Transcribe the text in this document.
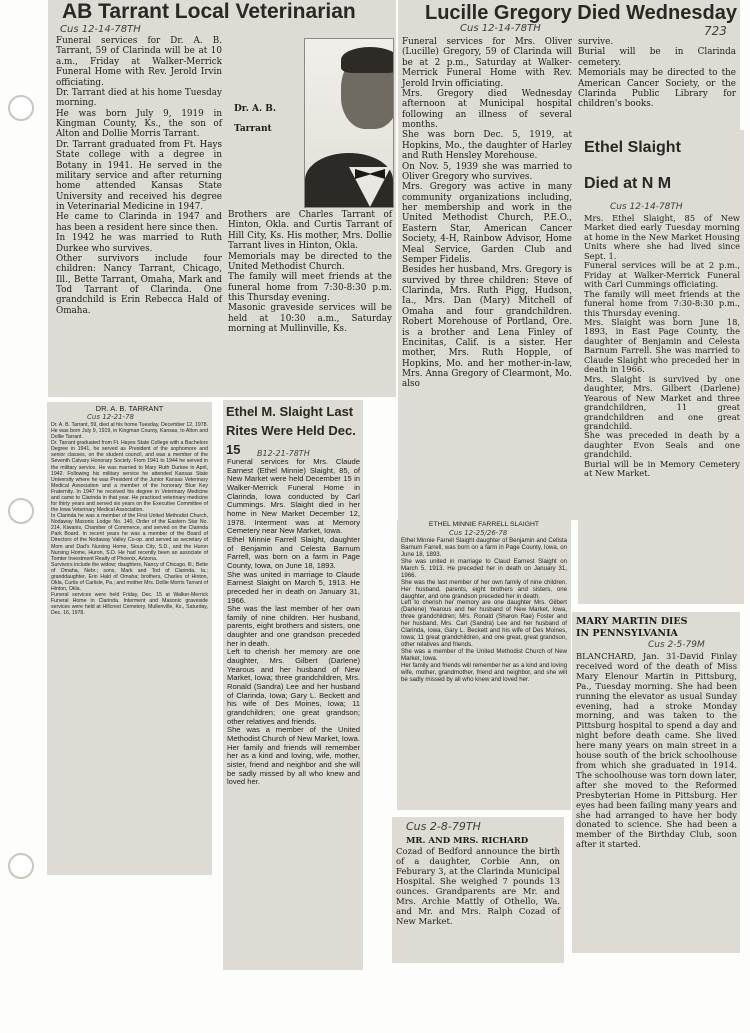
AB Tarrant Local Veterinarian
Cus 12-14-78TH

Funeral services for Dr. A. B. Tarrant, 59 of Clarinda will be at 10 a.m., Friday at Walker-Merrick Funeral Home with Rev. Jerold Irvin officiating.
Dr. Tarrant died at his home Tuesday morning.
He was born July 9, 1919 in Kingman County, Ks., the son of Alton and Dollie Morris Tarrant.
Dr. Tarrant graduated from Ft. Hays State college with a degree in Botany in 1941. He served in the military service and after returning home attended Kansas State University and received his degree in Veterinarial Medicine in 1947.
He came to Clarinda in 1947 and has been a resident here since then.
In 1942 he was married to Ruth Durkee who survives.
Other survivors include four children: Nancy Tarrant, Chicago, Ill., Bette Tarrant, Omaha, Mark and Tod Tarrant of Clarinda. One grandchild is Erin Rebecca Hald of Omaha.

Dr. A. B.
Tarrant

Brothers are Charles Tarrant of Hinton, Okla. and Curtis Tarrant of Hill City, Ks. His mother, Mrs. Dollie Tarrant lives in Hinton, Okla.
Memorials may be directed to the United Methodist Church.
The family will meet friends at the funeral home from 7:30-8:30 p.m. this Thursday evening.
Masonic graveside services will be held at 10:30 a.m., Saturday morning at Mullinville, Ks.

DR. A. B. TARRANT
Cus 12-21-78

Dr. A. B. Tarrant, 59, died at his home Tuesday, December 12, 1978. He was born July 9, 1919, in Kingman County, Kansas, to Alton and Dollie Tarrant.
Dr. Tarrant graduated from Ft. Hayes State College with a Bachelors Degree in 1941, he served as President of the sophomore and senior classes, on the student council, and was a member of the Seventh Calvary Honorary Society. From 1941 to 1944 he served in the military service. He was married to Mary Ruth Durkee in April, 1942. Following his military service he attended Kansas State University where he was President of the Junior Kansas Veterinary Medical Association and a member of the honorary Blue Key Fraternity. In 1947 he received his degree in Veterinary Medicine and came to Clarinda in that year. He practiced veterinary medicine for thirty years and served six years on the Executive Committee of the Iowa Veterinary Medical Association.
In Clarinda he was a member of the First United Methodist Church, Nodaway Masonic Lodge No. 140, Order of the Eastern Star No. 214, Kiwanis, Chamber of Commerce, and served on the Clarinda Park Board. In recent years he was a member of the Board of Directors of the Nodaway Valley Co-op. and served as secretary of Mom and Dad's Nursing Home, Sioux City, S.D., and the Huron Nursing Home, Huron, S.D. He had recently been an associate of Tomter Investment Realty of Phoenix, Arizona.
Survivors include the widow; daughters, Nancy of Chicago, Ill.; Bette of Omaha, Nebr.; sons, Mark and Tod of Clarinda, Ia.; granddaughter, Erin Hald of Omaha; brothers, Charles of Hinton, Okla, Curtis of Carlisle, Pa.; and mother Mrs. Dollie Morris Tarrant of Hinton, Okla.
Funeral services were held Friday, Dec. 15 at Walker-Merrick Funeral Home in Clarinda. Interment and Masonic graveside services were held at Hillcrest Cemetery, Mullenville, Ks., Saturday, Dec. 16, 1978.

Ethel M. Slaight Last Rites Were Held Dec. 15	B12-21-78TH

Funeral services for Mrs. Claude Earnest (Ethel Minnie) Slaight, 85, of New Market were held December 15 in Walker-Merrick Funeral Home in Clarinda, Iowa conducted by Carl Cummings. Mrs. Slaight died in her home in New Market December 12, 1978. Interment was at Memory Cemetery near New Market, Iowa.
Ethel Minnie Farrell Slaight, daughter of Benjamin and Celesta Barnum Farrell, was born on a farm in Page County, Iowa, on June 18, 1893.
She was united in marriage to Claude Earnest Slaight on March 5, 1913. He preceded her in death on January 31, 1966.
She was the last member of her own family of nine children. Her husband, parents, eight brothers and sisters, one daughter and one grandson preceded her in death.
Left to cherish her memory are one daughter, Mrs. Gilbert (Darlene) Yearous and her husband of New Market, Iowa; three grandchildren, Mrs. Ronald (Sandra) Lee and her husband of Clarinda, Iowa; Gary L. Beckett and his wife of Des Moines, Iowa; 11 grandchildren; one great grandson; other relatives and friends.
She was a member of the United Methodist Church of New Market, Iowa.
Her family and friends will remember her as a kind and loving, wife, mother, sister, friend and neighbor and she will be sadly missed by all who knew and loved her.

Lucille Gregory Died Wednesday
Cus 12-14-78TH	723

Funeral services for Mrs. Oliver (Lucille) Gregory, 59 of Clarinda will be at 2 p.m., Saturday at Walker-Merrick Funeral Home with Rev. Jerold Irvin officiating.
Mrs. Gregory died Wednesday afternoon at Municipal hospital following an illness of several months.
She was born Dec. 5, 1919, at Hopkins, Mo., the daughter of Harley and Ruth Hensley Morehouse.
On Nov. 5, 1939 she was married to Oliver Gregory who survives.
Mrs. Gregory was active in many community organizations including, her membership and work in the United Methodist Church, P.E.O., Eastern Star, American Cancer Society, 4-H, Rainbow Advisor, Home Meal Service, Garden Club and Semper Fidelis.
Besides her husband, Mrs. Gregory is survived by three children: Steve of Clarinda, Mrs. Ruth Pigg, Hudson, Ia., Mrs. Dan (Mary) Mitchell of Omaha and four grandchildren. Robert Morehouse of Portland, Ore. is a brother and Lena Finley of Encinitas, Calif. is a sister. Her mother, Mrs. Ruth Hopple, of Hopkins, Mo. and her mother-in-law, Mrs. Anna Gregory of Clearmont, Mo. also

survive.
Burial will be in Clarinda cemetery.
Memorials may be directed to the American Cancer Society, or the Clarinda Public Library for children's books.

Ethel Slaight
Died at N M
Cus 12-14-78TH

Mrs. Ethel Slaight, 85 of New Market died early Tuesday morning at home in the New Market Housing Units where she had lived since Sept. 1.
Funeral services will be at 2 p.m., Friday at Walker-Merrick Funeral with Carl Cummings officiating.
The family will meet friends at the funeral home from 7:30-8:30 p.m., this Thursday evening.
Mrs. Slaight was born June 18, 1893, in East Page County, the daughter of Benjamin and Celesta Barnum Farrell. She was married to Claude Slaight who preceded her in death in 1966.
Mrs. Slaight is survived by one daughter, Mrs. Gilbert (Darlene) Yearous of New Market and three grandchildren, 11 great grandchildren and one great grandchild.
She was preceded in death by a daughter Evon Seals and one grandchild.
Burial will be in Memory Cemetery at New Market.

ETHEL MINNIE FARRELL SLAIGHT
Cus 12-25/26-78

Ethel Minnie Farrell Slaight daughter of Benjamin and Celista Barnum Farrell, was born on a farm in Page County, Iowa, on June 18, 1893.
She was united in marriage to Claud Earnest Slaight on March 5, 1913. He preceded her in death on January 31, 1966.
She was the last member of her own family of nine children. Her husband, parents, eight brothers and sisters, one daughter, and one grandson preceded her in death.
Left to cherish her memory are one daughter Mrs. Gilbert (Darlene) Yearous and her husband of New Market, Iowa, three grandchildren; Mrs. Ronald (Sharon Rae) Foster and her husband, Mrs. Carl (Sandra) Lee and her husband of Clarinda, Iowa, Gary L. Beckett and his wife of Des Moines, Iowa; 11 great grandchildren, and one great, great grandson, other relatives and friends.
She was a member of the United Methodist Church of New Market, Iowa.
Her family and friends will remember her as a kind and loving wife, mother, grandmother, friend and neighbor, and she will be sadly missed by all who knew and loved her.

Cus 2-8-79TH
MR. AND MRS. RICHARD

Cozad of Bedford announce the birth of a daughter, Corbie Ann, on Feburary 3, at the Clarinda Municipal Hospital. She weighed 7 pounds 13 ounces. Grandparents are Mr. and Mrs. Archie Mattly of Othello, Wa. and Mr. and Mrs. Ralph Cozad of New Market.

MARY MARTIN DIES
IN PENNSYLVANIA
Cus 2-5-79M

BLANCHARD, Jan. 31-David Finlay received word of the death of Miss Mary Elenour Martin in Pittsburg, Pa., Tuesday morning. She had been running the elevator as usual Sunday evening, had a stroke Monday morning, and was taken to the Pittsburg hospital to spend a day and night before death came. She lived here many years on main street in a house south of the brick schoolhouse from which she graduated in 1914. The schoolhouse was torn down later, after she moved to the Reformed Presbyterian Home in Pittsburg. Her eyes had been failing many years and she had arranged to have her body donated to science. She had been a member of the Birthday Club, soon after it started.
